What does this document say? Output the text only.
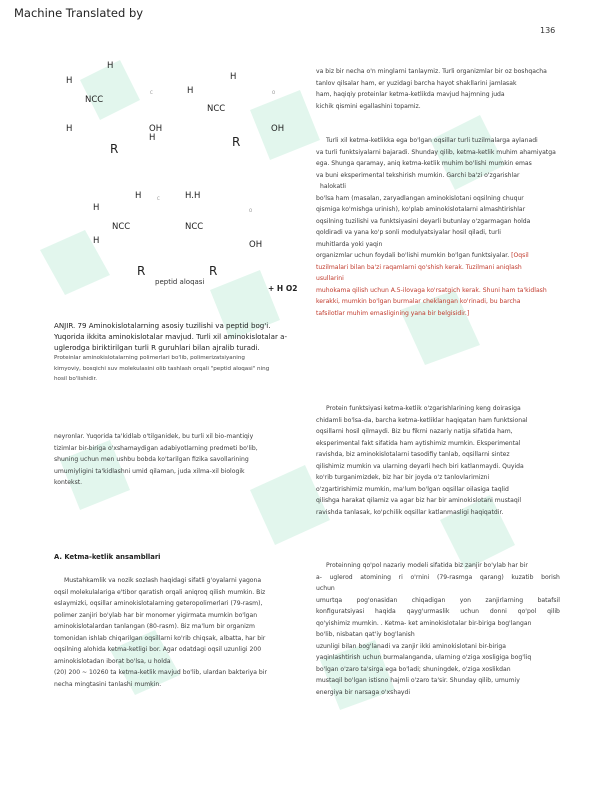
Machine Translated by
136
H
H	H
H
C	O
NCC
NCC
H	OH
H
OH
R	R
H	C	H.H
H	O
NCC	NCC
H	OH
R	R
peptid aloqasi
+ H O2
ANJIR. 79 Aminokislotalarning asosiy tuzilishi va peptid bog'i.
Yuqorida ikkita aminokislotalar mavjud. Turli xil aminokislotalar a-
uglerodga biriktirilgan turli R guruhlari bilan ajralib turadi.
Proteinlar aminokislotalarning polimerlari bo'lib, polimerizatsiyaning
kimyoviy, bosqichi suv molekulasini olib tashlash orqali "peptid aloqasi" ning
hosil bo'lishidir.
neyronlar. Yuqorida ta'kidlab o'tilganidek, bu turli xil bio-mantiqiy
tizimlar bir-biriga o'xshamaydigan adabiyotlarning predmeti bo'lib,
shuning uchun men ushbu bobda ko'tarilgan fizika savollarining
umumiyligini ta'kidlashni umid qilaman, juda xilma-xil biologik
kontekst.
A. Ketma-ketlik ansambllari
Mustahkamlik va nozik sozlash haqidagi sifatli g'oyalarni yagona
oqsil molekulalariga e'tibor qaratish orqali aniqroq qilish mumkin. Biz
eslaymizki, oqsillar aminokislotalarning geteropolimerlari (79-rasm),
polimer zanjiri bo'ylab har bir monomer yigirmata mumkin bo'lgan
aminokislotalardan tanlangan (80-rasm). Biz ma'lum bir organizm
tomonidan ishlab chiqarilgan oqsillarni ko'rib chiqsak, albatta, har bir
oqsilning alohida ketma-ketligi bor. Agar odatdagi oqsil uzunligi 200
aminokislotadan iborat bo'lsa, u holda
(20) 200 ~ 10260 ta ketma-ketlik mavjud bo'lib, ulardan bakteriya bir
necha mingtasini tanlashi mumkin.
va biz bir necha o'n minglarni tanlaymiz. Turli organizmlar bir oz boshqacha
tanlov qilsalar ham, er yuzidagi barcha hayot shakllarini jamlasak
ham, haqiqiy proteinlar ketma-ketlikda mavjud hajmning juda
kichik qismini egallashini topamiz.
Turli xil ketma-ketlikka ega bo'lgan oqsillar turli tuzilmalarga aylanadi
va turli funktsiyalarni bajaradi. Shunday qilib, ketma-ketlik muhim ahamiyatga
ega. Shunga qaramay, aniq ketma-ketlik muhim bo'lishi mumkin emas
va buni eksperimental tekshirish mumkin. Garchi ba'zi o'zgarishlar
halokatli
bo'lsa ham (masalan, zaryadlangan aminokislotani oqsilning chuqur
qismiga ko'mishga urinish), ko'plab aminokislotalarni almashtirishlar
oqsilning tuzilishi va funktsiyasini deyarli butunlay o'zgarmagan holda
qoldiradi va yana ko'p sonli modulyatsiyalar hosil qiladi, turli
muhitlarda yoki yaqin
organizmlar uchun foydali bo'lishi mumkin bo'lgan funktsiyalar. [Oqsil
tuzilmalari bilan ba'zi raqamlarni qo'shish kerak. Tuzilmani aniqlash
usullarini
muhokama qilish uchun A.5-ilovaga ko'rsatgich kerak. Shuni ham ta'kidlash
kerakki, mumkin bo'lgan burmalar cheklangan ko'rinadi, bu barcha
tafsilotlar muhim emasligining yana bir belgisidir.]
Protein funktsiyasi ketma-ketlik o'zgarishlarining keng doirasiga
chidamli bo'lsa-da, barcha ketma-ketliklar haqiqatan ham funktsional
oqsillarni hosil qilmaydi. Biz bu fikrni nazariy natija sifatida ham,
eksperimental fakt sifatida ham aytishimiz mumkin. Eksperimental
ravishda, biz aminokislotalarni tasodifiy tanlab, oqsillarni sintez
qilishimiz mumkin va ularning deyarli hech biri katlanmaydi. Quyida
ko'rib turganimizdek, biz har bir joyda o'z tanlovlarimizni
o'zgartirishimiz mumkin, ma'lum bo'lgan oqsillar oilasiga taqlid
qilishga harakat qilamiz va agar biz har bir aminokislotani mustaqil
ravishda tanlasak, ko'pchilik oqsillar katlanmasligi haqiqatdir.
Proteinning qo'pol nazariy modeli sifatida biz zanjir bo'ylab har bir
a- uglerod atomining ri o'rnini (79-rasmga qarang) kuzatib borish
uchun
umurtqa pog'onasidan chiqadigan yon zanjirlarning batafsil
konfiguratsiyasi haqida qayg'urmaslik uchun donni qo'pol qilib
qo'yishimiz mumkin. . Ketma- ket aminokislotalar bir-biriga bog'langan
bo'lib, nisbatan qat'iy bog'lanish
uzunligi bilan bog'lanadi va zanjir ikki aminokislotani bir-biriga
yaqinlashtirish uchun burmalanganda, ularning o'ziga xosligiga bog'liq
bo'lgan o'zaro ta'sirga ega bo'ladi; shuningdek, o'ziga xoslikdan
mustaqil bo'lgan istisno hajmli o'zaro ta'sir. Shunday qilib, umumiy
energiya bir narsaga o'xshaydi
